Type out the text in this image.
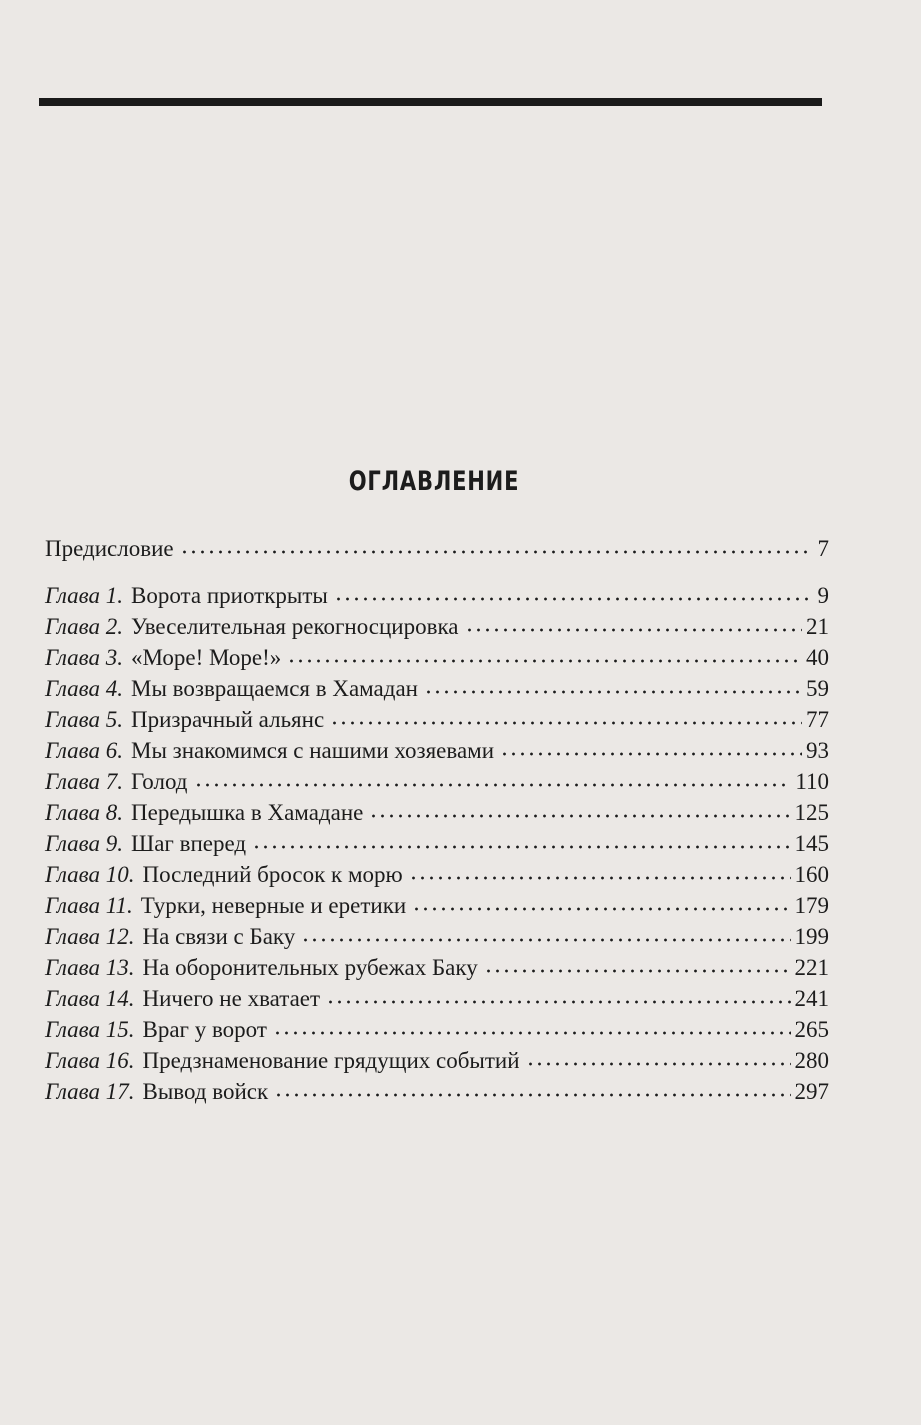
ОГЛАВЛЕНИЕ
Предисловие	7
Глава 1. Ворота приоткрыты	9
Глава 2. Увеселительная рекогносцировка	21
Глава 3. «Море! Море!»	40
Глава 4. Мы возвращаемся в Хамадан	59
Глава 5. Призрачный альянс	77
Глава 6. Мы знакомимся с нашими хозяевами	93
Глава 7. Голод	110
Глава 8. Передышка в Хамадане	125
Глава 9. Шаг вперед	145
Глава 10. Последний бросок к морю	160
Глава 11. Турки, неверные и еретики	179
Глава 12. На связи с Баку	199
Глава 13. На оборонительных рубежах Баку	221
Глава 14. Ничего не хватает	241
Глава 15. Враг у ворот	265
Глава 16. Предзнаменование грядущих событий	280
Глава 17. Вывод войск	297
